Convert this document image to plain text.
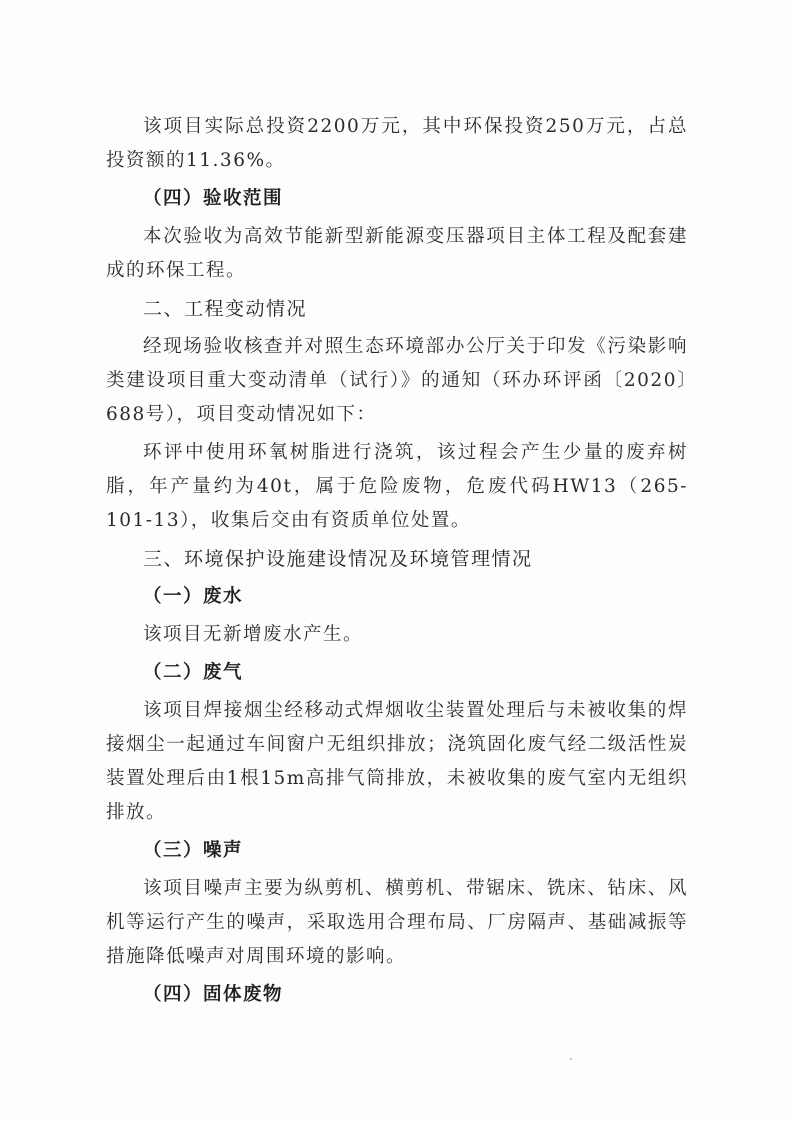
该项目实际总投资2200万元，其中环保投资250万元，占总投资额的11.36%。

（四）验收范围

本次验收为高效节能新型新能源变压器项目主体工程及配套建成的环保工程。

二、工程变动情况

经现场验收核查并对照生态环境部办公厅关于印发《污染影响类建设项目重大变动清单（试行）》的通知（环办环评函〔2020〕688号），项目变动情况如下：

环评中使用环氧树脂进行浇筑，该过程会产生少量的废弃树脂，年产量约为40t，属于危险废物，危废代码HW13（265-101-13），收集后交由有资质单位处置。

三、环境保护设施建设情况及环境管理情况
（一）废水

该项目无新增废水产生。

（二）废气

该项目焊接烟尘经移动式焊烟收尘装置处理后与未被收集的焊接烟尘一起通过车间窗户无组织排放；浇筑固化废气经二级活性炭装置处理后由1根15m高排气筒排放，未被收集的废气室内无组织排放。

（三）噪声

该项目噪声主要为纵剪机、横剪机、带锯床、铣床、钻床、风机等运行产生的噪声，采取选用合理布局、厂房隔声、基础减振等措施降低噪声对周围环境的影响。

（四）固体废物
